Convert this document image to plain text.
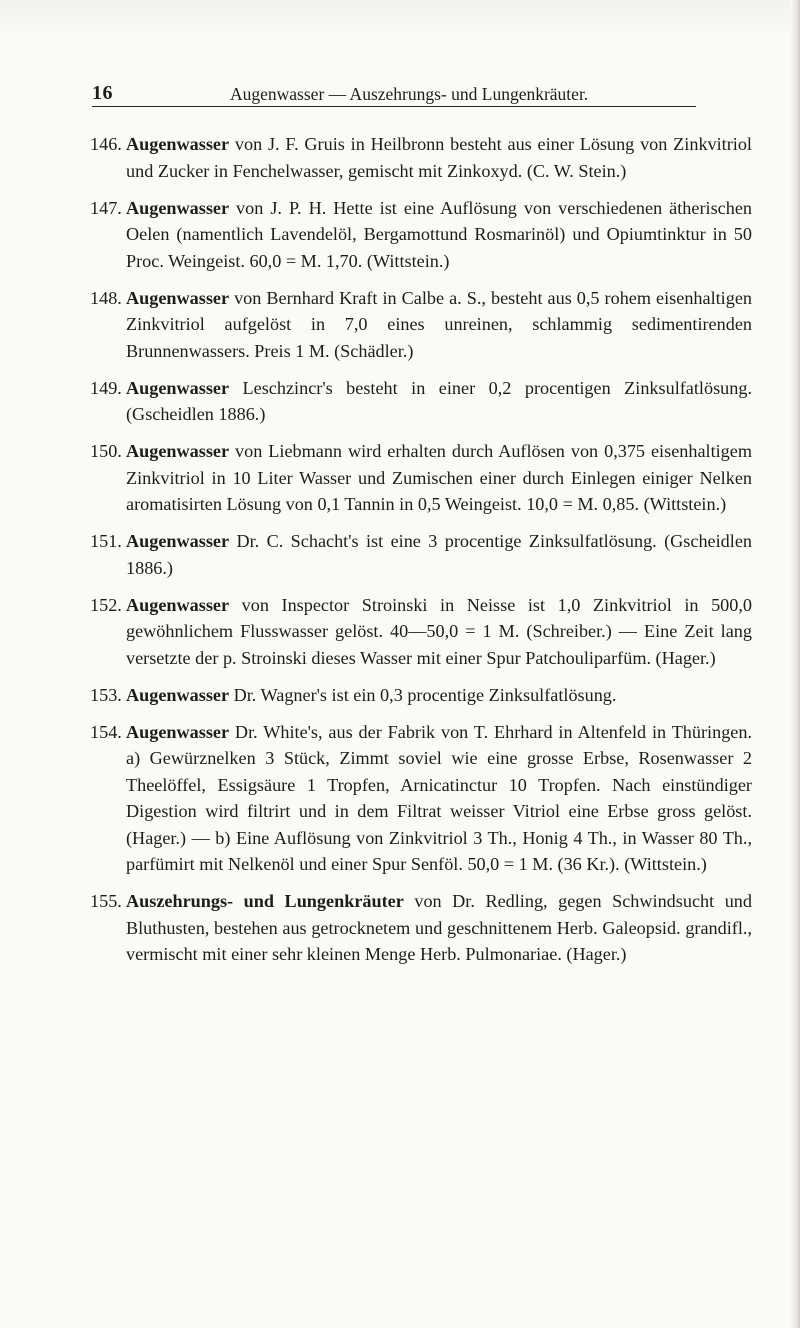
16	Augenwasser — Auszehrungs- und Lungenkräuter.
146. Augenwasser von J. F. Gruis in Heilbronn besteht aus einer Lösung von Zinkvitriol und Zucker in Fenchelwasser, gemischt mit Zinkoxyd. (C. W. Stein.)
147. Augenwasser von J. P. H. Hette ist eine Auflösung von verschiedenen ätherischen Oelen (namentlich Lavendelöl, Bergamottund Rosmarinöl) und Opiumtinktur in 50 Proc. Weingeist. 60,0 = M. 1,70. (Wittstein.)
148. Augenwasser von Bernhard Kraft in Calbe a. S., besteht aus 0,5 rohem eisenhaltigen Zinkvitriol aufgelöst in 7,0 eines unreinen, schlammig sedimentirenden Brunnenwassers. Preis 1 M. (Schädler.)
149. Augenwasser Leschzincr's besteht in einer 0,2 procentigen Zinksulfatlösung. (Gscheidlen 1886.)
150. Augenwasser von Liebmann wird erhalten durch Auflösen von 0,375 eisenhaltigem Zinkvitriol in 10 Liter Wasser und Zumischen einer durch Einlegen einiger Nelken aromatisirten Lösung von 0,1 Tannin in 0,5 Weingeist. 10,0 = M. 0,85. (Wittstein.)
151. Augenwasser Dr. C. Schacht's ist eine 3 procentige Zinksulfatlösung. (Gscheidlen 1886.)
152. Augenwasser von Inspector Stroinski in Neisse ist 1,0 Zinkvitriol in 500,0 gewöhnlichem Flusswasser gelöst. 40—50,0 = 1 M. (Schreiber.) — Eine Zeit lang versetzte der p. Stroinski dieses Wasser mit einer Spur Patchouliparfüm. (Hager.)
153. Augenwasser Dr. Wagner's ist ein 0,3 procentige Zinksulfatlösung.
154. Augenwasser Dr. White's, aus der Fabrik von T. Ehrhard in Altenfeld in Thüringen. a) Gewürznelken 3 Stück, Zimmt soviel wie eine grosse Erbse, Rosenwasser 2 Theelöffel, Essigsäure 1 Tropfen, Arnicatinctur 10 Tropfen. Nach einstündiger Digestion wird filtrirt und in dem Filtrat weisser Vitriol eine Erbse gross gelöst. (Hager.) — b) Eine Auflösung von Zinkvitriol 3 Th., Honig 4 Th., in Wasser 80 Th., parfümirt mit Nelkenöl und einer Spur Senföl. 50,0 = 1 M. (36 Kr.). (Wittstein.)
155. Auszehrungs- und Lungenkräuter von Dr. Redling, gegen Schwindsucht und Bluthusten, bestehen aus getrocknetem und geschnittenem Herb. Galeopsid. grandifl., vermischt mit einer sehr kleinen Menge Herb. Pulmonariae. (Hager.)
